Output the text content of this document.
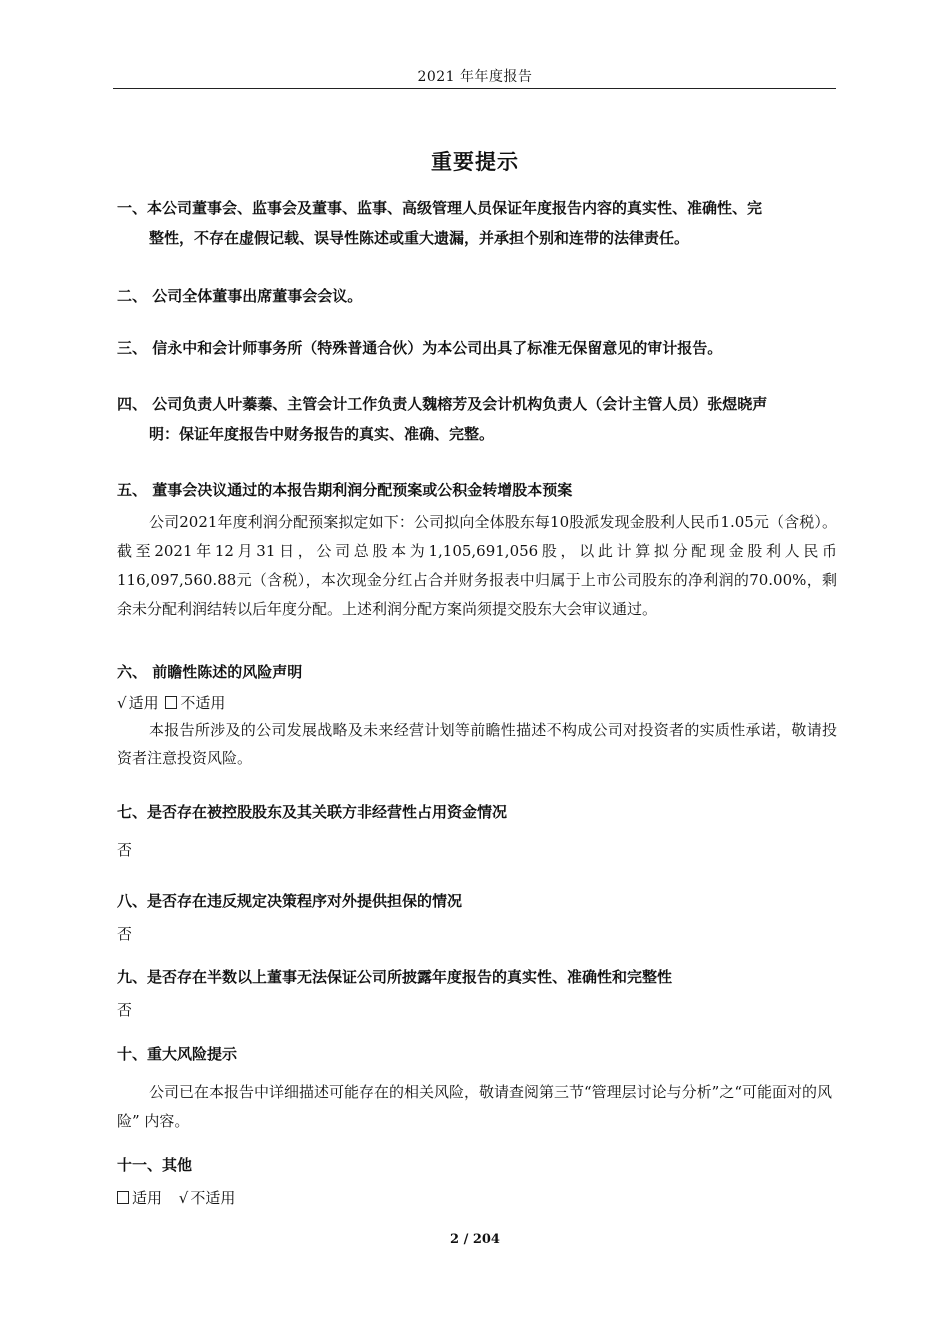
2021 年年度报告
重要提示
一、本公司董事会、监事会及董事、监事、高级管理人员保证年度报告内容的真实性、准确性、完
整性，不存在虚假记载、误导性陈述或重大遗漏，并承担个别和连带的法律责任。
二、 公司全体董事出席董事会会议。
三、 信永中和会计师事务所（特殊普通合伙）为本公司出具了标准无保留意见的审计报告。
四、 公司负责人叶蓁蓁、主管会计工作负责人魏榕芳及会计机构负责人（会计主管人员）张煜晓声
明：保证年度报告中财务报告的真实、准确、完整。
五、 董事会决议通过的本报告期利润分配预案或公积金转增股本预案
公司2021年度利润分配预案拟定如下：公司拟向全体股东每10股派发现金股利人民币1.05元（含税）。截至2021年12月31日，公司总股本为1,105,691,056股，以此计算拟分配现金股利人民币116,097,560.88元（含税），本次现金分红占合并财务报表中归属于上市公司股东的净利润的70.00%，剩余未分配利润结转以后年度分配。上述利润分配方案尚须提交股东大会审议通过。
六、 前瞻性陈述的风险声明
√ 适用 不适用
本报告所涉及的公司发展战略及未来经营计划等前瞻性描述不构成公司对投资者的实质性承诺，敬请投资者注意投资风险。
七、是否存在被控股股东及其关联方非经营性占用资金情况
否
八、是否存在违反规定决策程序对外提供担保的情况
否
九、是否存在半数以上董事无法保证公司所披露年度报告的真实性、准确性和完整性
否
十、重大风险提示
公司已在本报告中详细描述可能存在的相关风险，敬请查阅第三节“管理层讨论与分析”之“可能面对的风险” 内容。
十一、其他
适用 √ 不适用
2 / 204
